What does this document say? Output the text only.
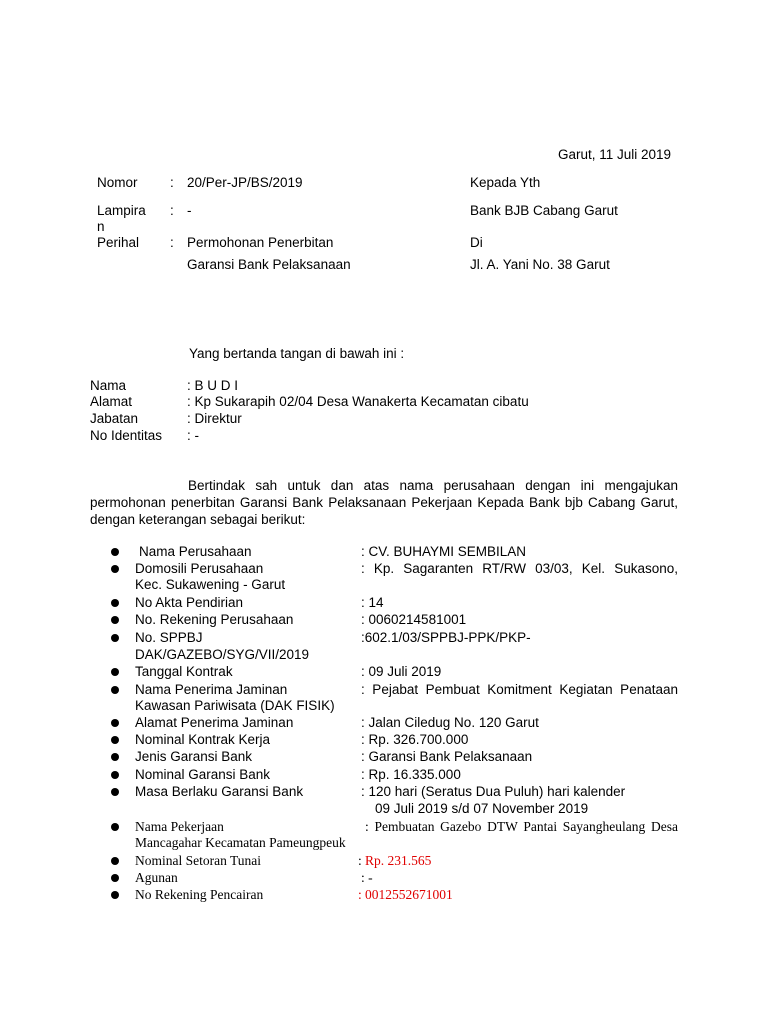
Garut, 11 Juli 2019
Nomor : 20/Per-JP/BS/2019
Lampira
n
: -
Perihal : Permohonan Penerbitan
Garansi Bank Pelaksanaan
Kepada Yth
Bank BJB Cabang Garut
Di
Jl. A. Yani No. 38 Garut
Yang bertanda tangan di bawah ini :
Nama	: B U D I
Alamat	: Kp Sukarapih 02/04 Desa Wanakerta Kecamatan cibatu
Jabatan	: Direktur
No Identitas : -
Bertindak sah untuk dan atas nama perusahaan dengan ini mengajukan permohonan penerbitan Garansi Bank Pelaksanaan Pekerjaan Kepada Bank bjb Cabang Garut, dengan keterangan sebagai berikut:
Nama Perusahaan	: CV. BUHAYMI SEMBILAN
Domosili Perusahaan	: Kp. Sagaranten RT/RW 03/03, Kel. Sukasono,
Kec. Sukawening - Garut
No Akta Pendirian	: 14
No. Rekening Perusahaan	: 0060214581001
No. SPPBJ	:602.1/03/SPPBJ-PPK/PKP-
DAK/GAZEBO/SYG/VII/2019
Tanggal Kontrak	: 09 Juli 2019
Nama Penerima Jaminan	: Pejabat Pembuat Komitment Kegiatan Penataan
Kawasan Pariwisata (DAK FISIK)
Alamat Penerima Jaminan	: Jalan Ciledug No. 120 Garut
Nominal Kontrak Kerja	: Rp. 326.700.000
Jenis Garansi Bank	: Garansi Bank Pelaksanaan
Nominal Garansi Bank	: Rp. 16.335.000
Masa Berlaku Garansi Bank	: 120 hari (Seratus Dua Puluh) hari kalender
09 Juli 2019 s/d 07 November 2019
Nama Pekerjaan	: Pembuatan Gazebo DTW Pantai Sayangheulang Desa
Mancagahar Kecamatan Pameungpeuk
Nominal Setoran Tunai	: Rp. 231.565
Agunan	: -
No Rekening Pencairan	: 0012552671001
